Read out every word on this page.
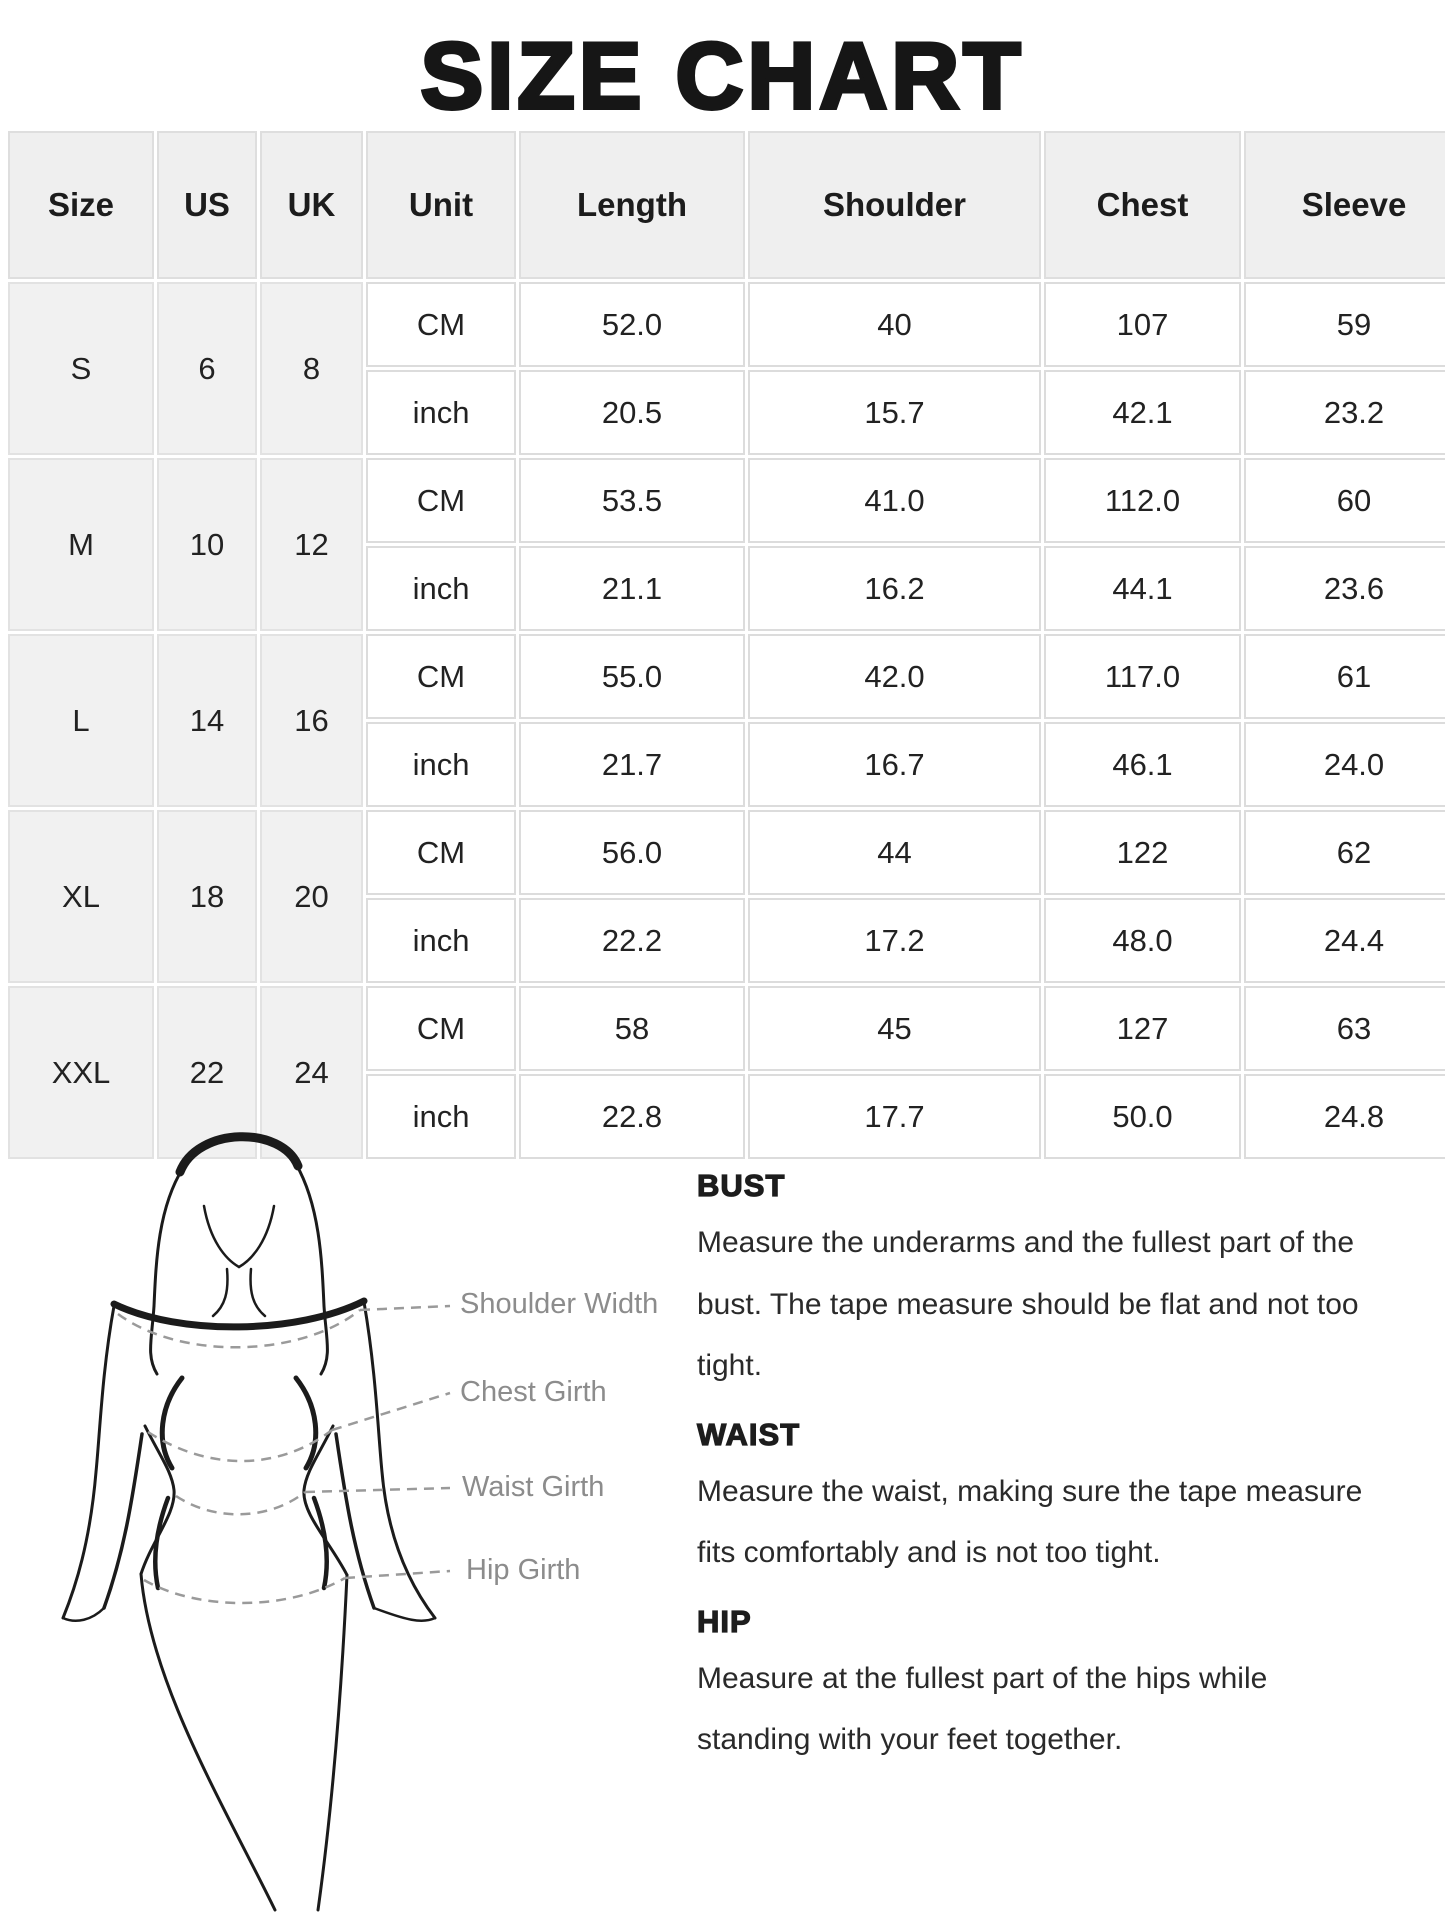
SIZE CHART
Size	US	UK	Unit	Length	Shoulder	Chest	Sleeve
S	6	8	CM	52.0	40	107	59
			inch	20.5	15.7	42.1	23.2
M	10	12	CM	53.5	41.0	112.0	60
			inch	21.1	16.2	44.1	23.6
L	14	16	CM	55.0	42.0	117.0	61
			inch	21.7	16.7	46.1	24.0
XL	18	20	CM	56.0	44	122	62
			inch	22.2	17.2	48.0	24.4
XXL	22	24	CM	58	45	127	63
			inch	22.8	17.7	50.0	24.8
Shoulder Width
Chest Girth
Waist Girth
Hip Girth
BUST

Measure the underarms and the fullest part of the bust. The tape measure should be flat and not too tight.

WAIST

Measure the waist, making sure the tape measure fits comfortably and is not too tight.

HIP

Measure at the fullest part of the hips while standing with your feet together.
